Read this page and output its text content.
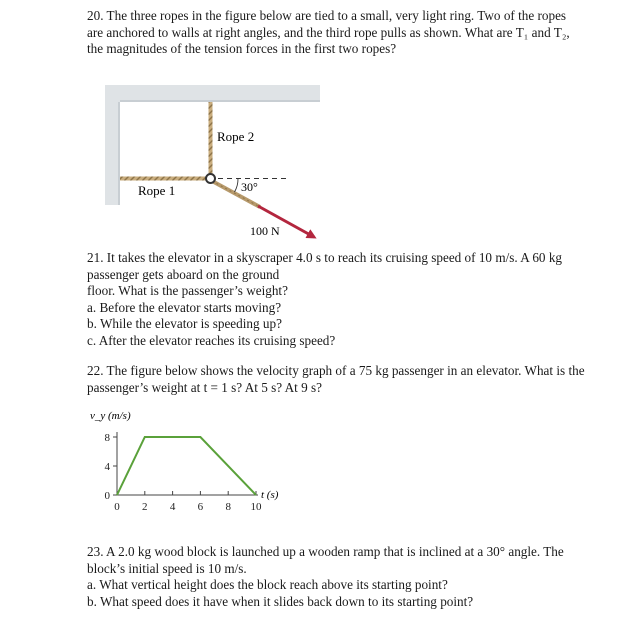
20. The three ropes in the figure below are tied to a small, very light ring. Two of the ropes
are anchored to walls at right angles, and the third rope pulls as shown. What are T₁ and T₂,
the magnitudes of the tension forces in the first two ropes?
Rope 2
Rope 1	30°
100 N
21. It takes the elevator in a skyscraper 4.0 s to reach its cruising speed of 10 m/s. A 60 kg
passenger gets aboard on the ground
floor. What is the passenger’s weight?
a. Before the elevator starts moving?
b. While the elevator is speeding up?
c. After the elevator reaches its cruising speed?
22. The figure below shows the velocity graph of a 75 kg passenger in an elevator. What is the
passenger’s weight at t = 1 s? At 5 s? At 9 s?
v_y (m/s)
t (s)
0 2 4 6 8 10
0
4
8
23. A 2.0 kg wood block is launched up a wooden ramp that is inclined at a 30° angle. The
block’s initial speed is 10 m/s.
a. What vertical height does the block reach above its starting point?
b. What speed does it have when it slides back down to its starting point?
